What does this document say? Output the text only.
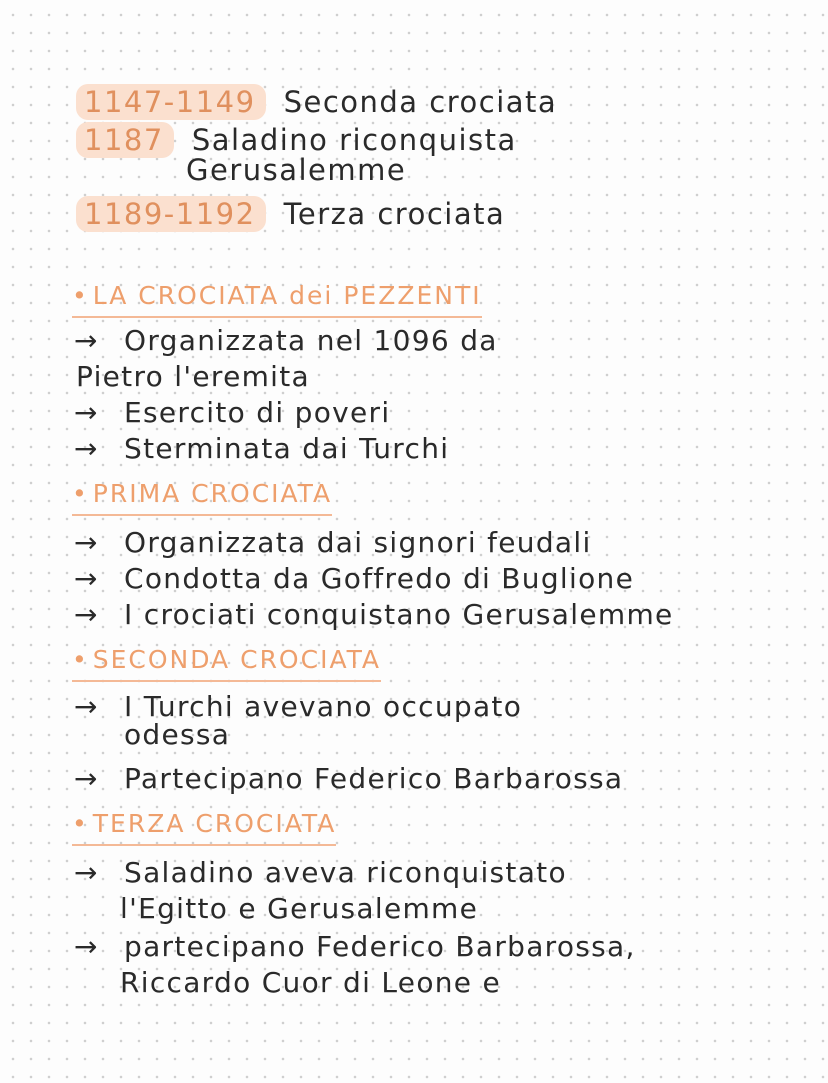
1147-1149 Seconda crociata
1187 Saladino riconquista
Gerusalemme
1189-1192 Terza crociata
• LA CROCIATA dei PEZZENTI
→ Organizzata nel 1096 da
Pietro l'eremita
→ Esercito di poveri
→ Sterminata dai Turchi
• PRIMA CROCIATA
→ Organizzata dai signori feudali
→ Condotta da Goffredo di Buglione
→ I crociati conquistano Gerusalemme
• SECONDA CROCIATA
→ I Turchi avevano occupato
odessa
→ Partecipano Federico Barbarossa
• TERZA CROCIATA
→ Saladino aveva riconquistato
l'Egitto e Gerusalemme
→ partecipano Federico Barbarossa,
Riccardo Cuor di Leone e
